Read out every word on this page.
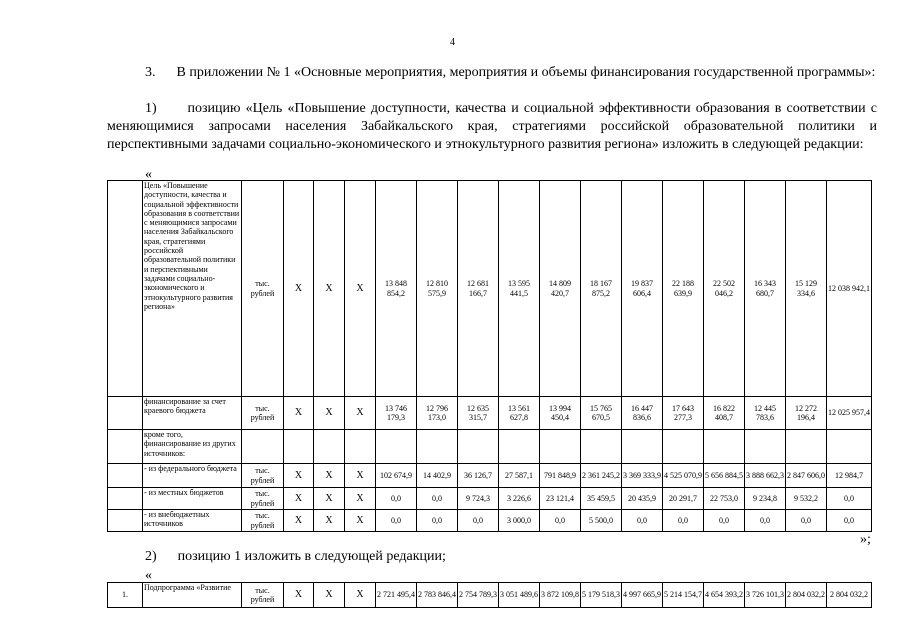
4
3.      В приложении № 1 «Основные мероприятия, мероприятия и объемы финансирования государственной программы»:
1)      позицию «Цель «Повышение доступности, качества и социальной эффективности образования в соответствии с меняющимися запросами населения Забайкальского края, стратегиями российской образовательной политики и перспективными задачами социально-экономического и этнокультурного развития региона» изложить в следующей редакции:
«
	Цель «Повышение доступности, качества и социальной эффективности образования в соответствии с меняющимися запросами населения Забайкальского края, стратегиями российской образовательной политики и перспективными задачами социально-экономического и этнокультурного развития региона»	тыс. рублей	Х	Х	Х	13 848 854,2	12 810 575,9	12 681 166,7	13 595 441,5	14 809 420,7	18 167 875,2	19 837 606,4	22 188 639,9	22 502 046,2	16 343 680,7	15 129 334,6	12 038 942,1
	финансирование за счет краевого бюджета	тыс. рублей	Х	Х	Х	13 746 179,3	12 796 173,0	12 635 315,7	13 561 627,8	13 994 450,4	15 765 670,5	16 447 836,6	17 643 277,3	16 822 408,7	12 445 783,6	12 272 196,4	12 025 957,4
	кроме того, финансирование из других источников:																
	- из федерального бюджета	тыс. рублей	Х	Х	Х	102 674,9	14 402,9	36 126,7	27 587,1	791 848,9	2 361 245,2	3 369 333,9	4 525 070,9	5 656 884,5	3 888 662,3	2 847 606,0	12 984,7
	- из местных бюджетов	тыс. рублей	Х	Х	Х	0,0	0,0	9 724,3	3 226,6	23 121,4	35 459,5	20 435,9	20 291,7	22 753,0	9 234,8	9 532,2	0,0
	- из внебюджетных источников	тыс. рублей	Х	Х	Х	0,0	0,0	0,0	3 000,0	0,0	5 500,0	0,0	0,0	0,0	0,0	0,0	0,0
»;
2)      позицию 1 изложить в следующей редакции;
«
1.	Подпрограмма «Развитие	тыс. рублей	Х	Х	Х	2 721 495,4	2 783 846,4	2 754 789,3	3 051 489,6	3 872 109,8	5 179 518,3	4 997 665,9	5 214 154,7	4 654 393,2	3 726 101,3	2 804 032,2	2 804 032,2
